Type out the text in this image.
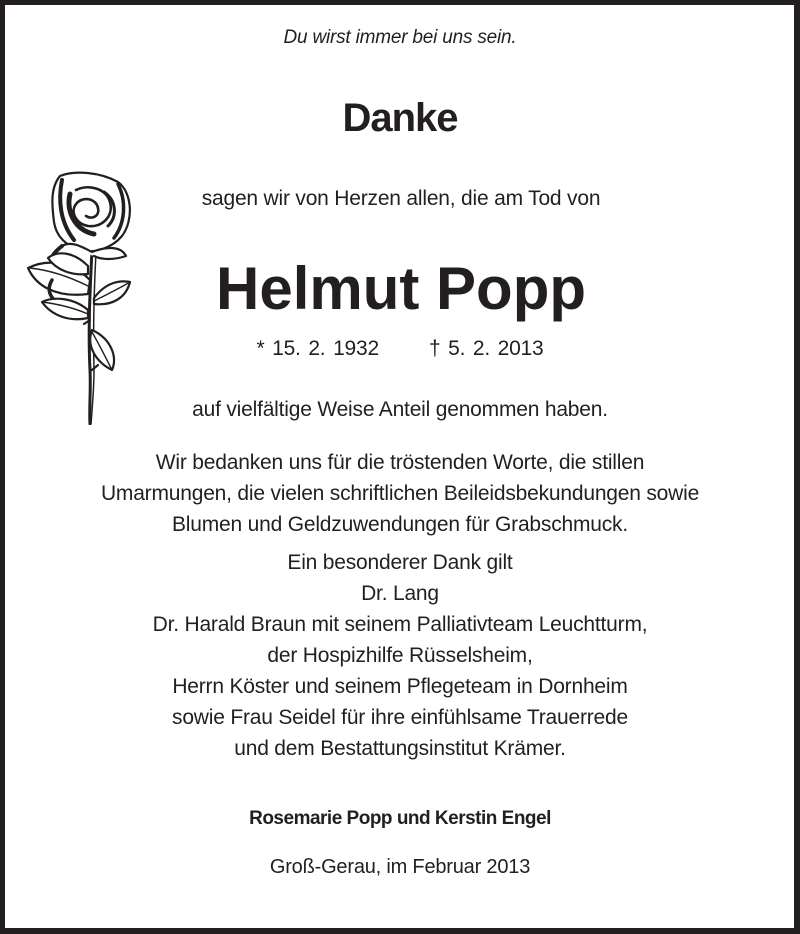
Du wirst immer bei uns sein.
Danke
sagen wir von Herzen allen, die am Tod von
Helmut Popp
* 15. 2. 1932 † 5. 2. 2013
auf vielfältige Weise Anteil genommen haben.
Wir bedanken uns für die tröstenden Worte, die stillen
Umarmungen, die vielen schriftlichen Beileidsbekundungen sowie
Blumen und Geldzuwendungen für Grabschmuck.
Ein besonderer Dank gilt
Dr. Lang
Dr. Harald Braun mit seinem Palliativteam Leuchtturm,
der Hospizhilfe Rüsselsheim,
Herrn Köster und seinem Pflegeteam in Dornheim
sowie Frau Seidel für ihre einfühlsame Trauerrede
und dem Bestattungsinstitut Krämer.
Rosemarie Popp und Kerstin Engel
Groß-Gerau, im Februar 2013
